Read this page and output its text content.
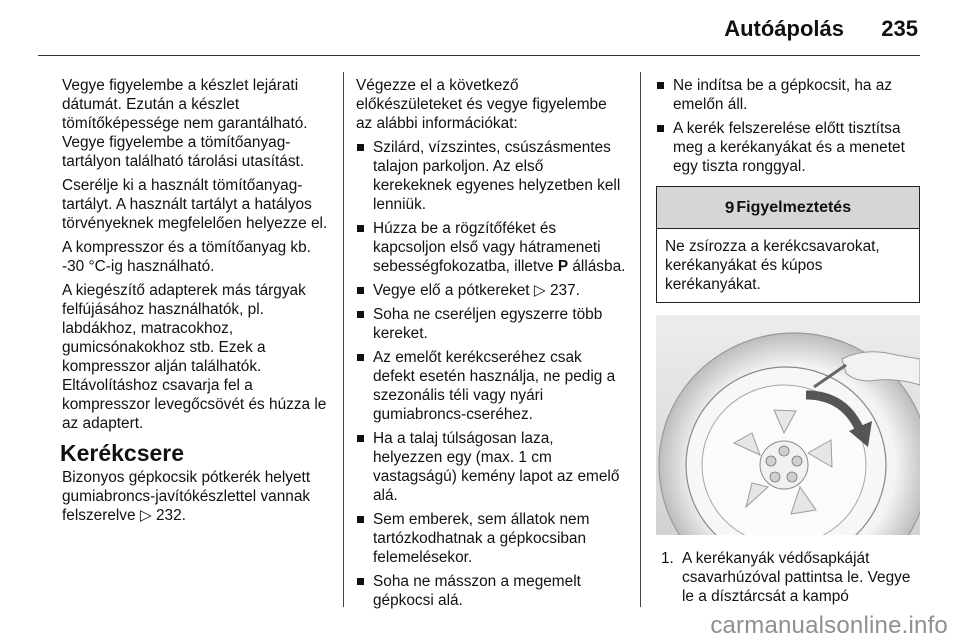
Autóápolás 235

Vegye figyelembe a készlet lejárati dátumát. Ezután a készlet tömítőképessége nem garantálható. Vegye figyelembe a tömítőanyag-tartályon található tárolási utasítást.

Cserélje ki a használt tömítőanyag-tartályt. A használt tartályt a hatályos törvényeknek megfelelően helyezze el.

A kompresszor és a tömítőanyag kb. -30 °C-ig használható.

A kiegészítő adapterek más tárgyak felfújásához használhatók, pl. labdákhoz, matracokhoz, gumicsónakokhoz stb. Ezek a kompresszor alján találhatók. Eltávolításhoz csavarja fel a kompresszor levegőcsövét és húzza le az adaptert.

Kerékcsere

Bizonyos gépkocsik pótkerék helyett gumiabroncs-javítókészlettel vannak felszerelve ▷ 232.

Végezze el a következő előkészületeket és vegye figyelembe az alábbi információkat:

Szilárd, vízszintes, csúszásmentes talajon parkoljon. Az első kerekeknek egyenes helyzetben kell lenniük.
Húzza be a rögzítőféket és kapcsoljon első vagy hátrameneti sebességfokozatba, illetve P állásba.
Vegye elő a pótkereket ▷ 237.
Soha ne cseréljen egyszerre több kereket.
Az emelőt kerékcseréhez csak defekt esetén használja, ne pedig a szezonális téli vagy nyári gumiabroncs-cseréhez.
Ha a talaj túlságosan laza, helyezzen egy (max. 1 cm vastagságú) kemény lapot az emelő alá.
Sem emberek, sem állatok nem tartózkodhatnak a gépkocsiban felemelésekor.
Soha ne másszon a megemelt gépkocsi alá.
Ne indítsa be a gépkocsit, ha az emelőn áll.
A kerék felszerelése előtt tisztítsa meg a kerékanyákat és a menetet egy tiszta ronggyal.
9 Figyelmeztetés
Ne zsírozza a kerékcsavarokat, kerékanyákat és kúpos kerékanyákat.
1. A kerékanyák védősapkáját csavarhúzóval pattintsa le. Vegye le a dísztárcsát a kampó
carmanualsonline.info
